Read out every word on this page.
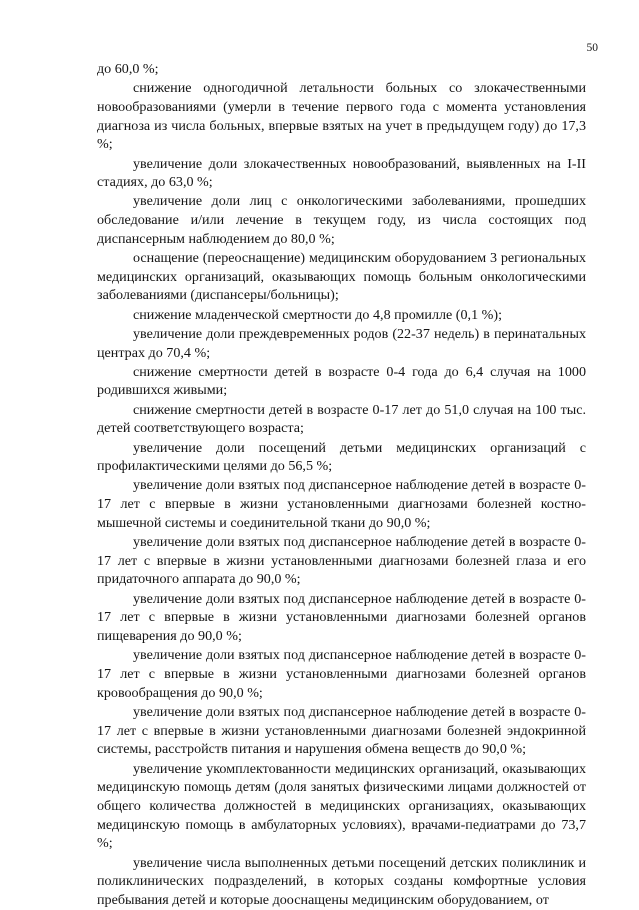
50

до 60,0 %;

снижение одногодичной летальности больных со злокачественными новообразованиями (умерли в течение первого года с момента установления диагноза из числа больных, впервые взятых на учет в предыдущем году) до 17,3 %;

увеличение доли злокачественных новообразований, выявленных на I-II стадиях, до 63,0 %;

увеличение доли лиц с онкологическими заболеваниями, прошедших обследование и/или лечение в текущем году, из числа состоящих под диспансерным наблюдением до 80,0 %;

оснащение (переоснащение) медицинским оборудованием 3 региональных медицинских организаций, оказывающих помощь больным онкологическими заболеваниями (диспансеры/больницы);

снижение младенческой смертности до 4,8 промилле (0,1 %);

увеличение доли преждевременных родов (22-37 недель) в перинатальных центрах до 70,4 %;

снижение смертности детей в возрасте 0-4 года до 6,4 случая на 1000 родившихся живыми;

снижение смертности детей в возрасте 0-17 лет до 51,0 случая на 100 тыс. детей соответствующего возраста;

увеличение доли посещений детьми медицинских организаций с профилактическими целями до 56,5 %;

увеличение доли взятых под диспансерное наблюдение детей в возрасте 0-17 лет с впервые в жизни установленными диагнозами болезней костно-мышечной системы и соединительной ткани до 90,0 %;

увеличение доли взятых под диспансерное наблюдение детей в возрасте 0-17 лет с впервые в жизни установленными диагнозами болезней глаза и его придаточного аппарата до 90,0 %;

увеличение доли взятых под диспансерное наблюдение детей в возрасте 0-17 лет с впервые в жизни установленными диагнозами болезней органов пищеварения до 90,0 %;

увеличение доли взятых под диспансерное наблюдение детей в возрасте 0-17 лет с впервые в жизни установленными диагнозами болезней органов кровообращения до 90,0 %;

увеличение доли взятых под диспансерное наблюдение детей в возрасте 0-17 лет с впервые в жизни установленными диагнозами болезней эндокринной системы, расстройств питания и нарушения обмена веществ до 90,0 %;

увеличение укомплектованности медицинских организаций, оказывающих медицинскую помощь детям (доля занятых физическими лицами должностей от общего количества должностей в медицинских организациях, оказывающих медицинскую помощь в амбулаторных условиях), врачами-педиатрами до 73,7 %;

увеличение числа выполненных детьми посещений детских поликлиник и поликлинических подразделений, в которых созданы комфортные условия пребывания детей и которые дооснащены медицинским оборудованием, от
